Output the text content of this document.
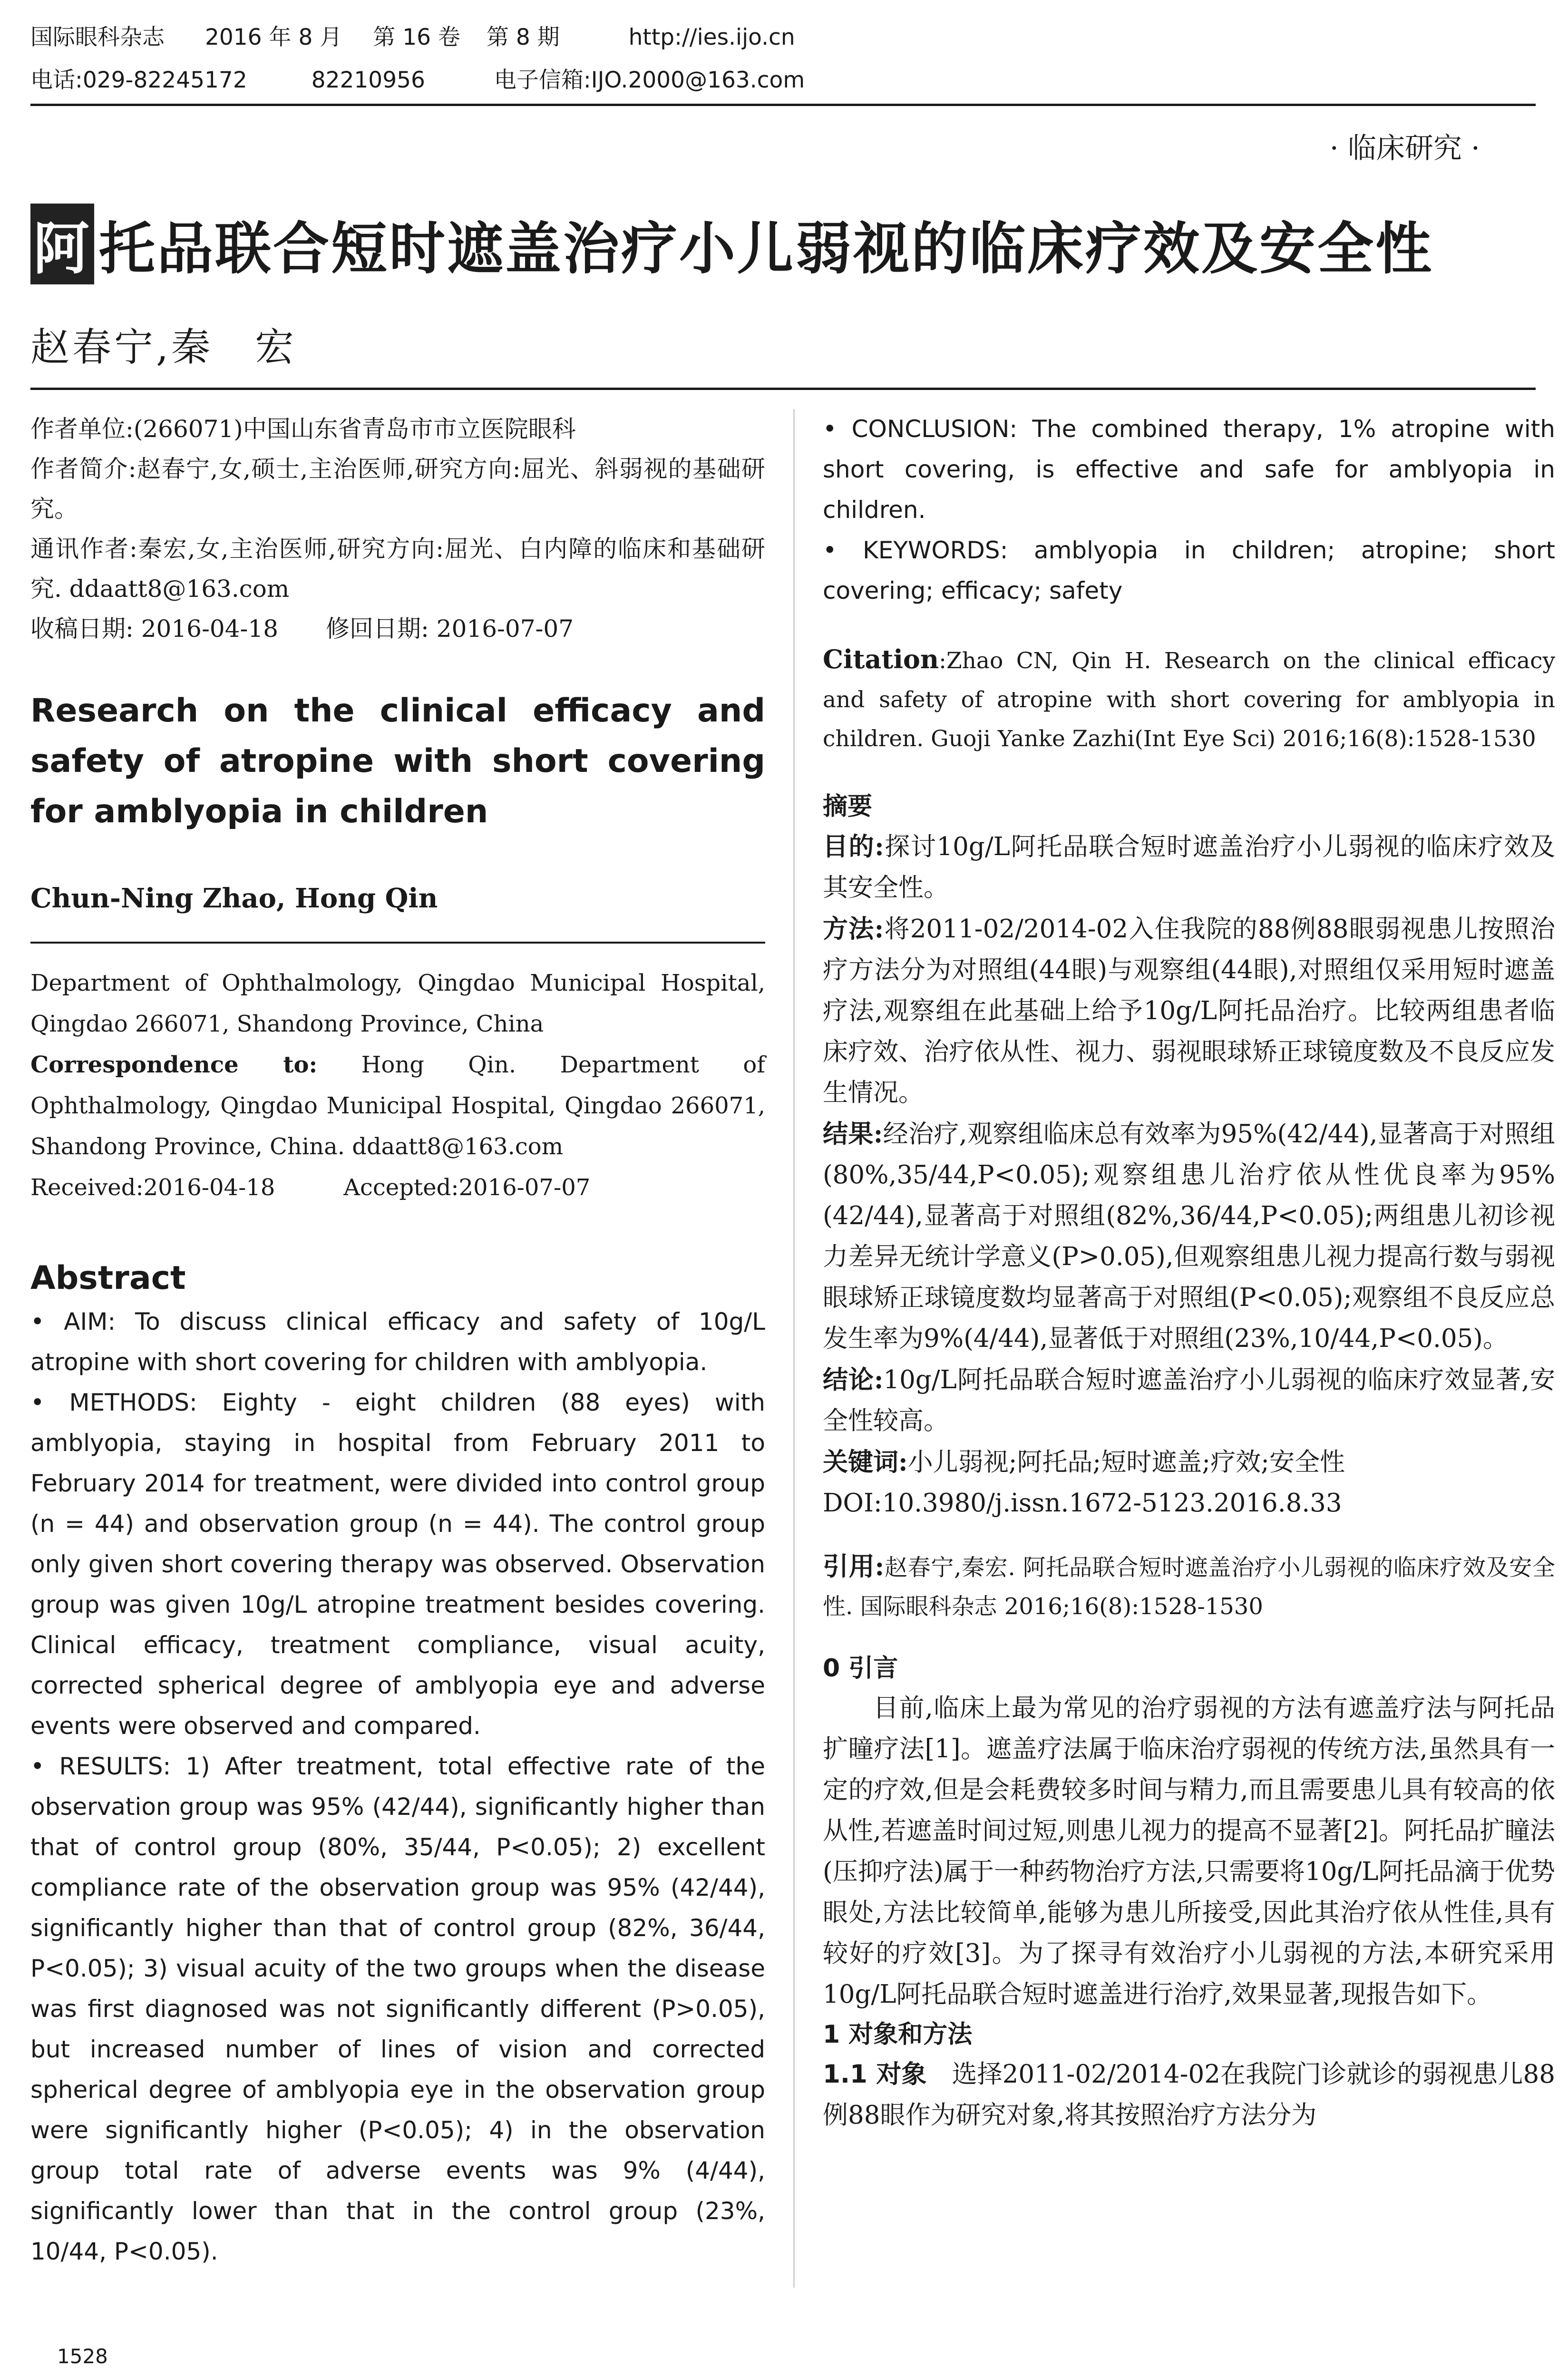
国际眼科杂志 2016 年 8 月 第 16 卷 第 8 期	http://ies.ijo.cn
电话:029-82245172	82210956	电子信箱:IJO.2000@163.com
· 临床研究 ·
阿 托品联合短时遮盖治疗小儿弱视的临床疗效及安全性
赵春宁,秦　宏

作者单位:(266071)中国山东省青岛市市立医院眼科

作者简介:赵春宁,女,硕士,主治医师,研究方向:屈光、斜弱视的基础研究。

通讯作者:秦宏,女,主治医师,研究方向:屈光、白内障的临床和基础研究. ddaatt8@163.com

收稿日期: 2016-04-18　　修回日期: 2016-07-07

Research on the clinical efficacy and safety of atropine with short covering for amblyopia in children

Chun-Ning Zhao, Hong Qin

Department of Ophthalmology, Qingdao Municipal Hospital, Qingdao 266071, Shandong Province, China

Correspondence to: Hong Qin. Department of Ophthalmology, Qingdao Municipal Hospital, Qingdao 266071, Shandong Province, China. ddaatt8@163.com

Received:2016-04-18　　　Accepted:2016-07-07

Abstract

• AIM: To discuss clinical efficacy and safety of 10g/L atropine with short covering for children with amblyopia.

• METHODS: Eighty - eight children (88 eyes) with amblyopia, staying in hospital from February 2011 to February 2014 for treatment, were divided into control group (n = 44) and observation group (n = 44). The control group only given short covering therapy was observed. Observation group was given 10g/L atropine treatment besides covering. Clinical efficacy, treatment compliance, visual acuity, corrected spherical degree of amblyopia eye and adverse events were observed and compared.

• RESULTS: 1) After treatment, total effective rate of the observation group was 95% (42/44), significantly higher than that of control group (80%, 35/44, P<0.05); 2) excellent compliance rate of the observation group was 95% (42/44), significantly higher than that of control group (82%, 36/44, P<0.05); 3) visual acuity of the two groups when the disease was first diagnosed was not significantly different (P>0.05), but increased number of lines of vision and corrected spherical degree of amblyopia eye in the observation group were significantly higher (P<0.05); 4) in the observation group total rate of adverse events was 9% (4/44), significantly lower than that in the control group (23%, 10/44, P<0.05).

• CONCLUSION: The combined therapy, 1% atropine with short covering, is effective and safe for amblyopia in children.

• KEYWORDS: amblyopia in children; atropine; short covering; efficacy; safety

Citation:Zhao CN, Qin H. Research on the clinical efficacy and safety of atropine with short covering for amblyopia in children. Guoji Yanke Zazhi(Int Eye Sci) 2016;16(8):1528-1530

摘要

目的:探讨10g/L阿托品联合短时遮盖治疗小儿弱视的临床疗效及其安全性。

方法:将2011-02/2014-02入住我院的88例88眼弱视患儿按照治疗方法分为对照组(44眼)与观察组(44眼),对照组仅采用短时遮盖疗法,观察组在此基础上给予10g/L阿托品治疗。比较两组患者临床疗效、治疗依从性、视力、弱视眼球矫正球镜度数及不良反应发生情况。

结果:经治疗,观察组临床总有效率为95%(42/44),显著高于对照组(80%,35/44,P<0.05);观察组患儿治疗依从性优良率为95%(42/44),显著高于对照组(82%,36/44,P<0.05);两组患儿初诊视力差异无统计学意义(P>0.05),但观察组患儿视力提高行数与弱视眼球矫正球镜度数均显著高于对照组(P<0.05);观察组不良反应总发生率为9%(4/44),显著低于对照组(23%,10/44,P<0.05)。

结论:10g/L阿托品联合短时遮盖治疗小儿弱视的临床疗效显著,安全性较高。

关键词:小儿弱视;阿托品;短时遮盖;疗效;安全性

DOI:10.3980/j.issn.1672-5123.2016.8.33

引用:赵春宁,秦宏. 阿托品联合短时遮盖治疗小儿弱视的临床疗效及安全性. 国际眼科杂志 2016;16(8):1528-1530

0 引言

目前,临床上最为常见的治疗弱视的方法有遮盖疗法与阿托品扩瞳疗法[1]。遮盖疗法属于临床治疗弱视的传统方法,虽然具有一定的疗效,但是会耗费较多时间与精力,而且需要患儿具有较高的依从性,若遮盖时间过短,则患儿视力的提高不显著[2]。阿托品扩瞳法(压抑疗法)属于一种药物治疗方法,只需要将10g/L阿托品滴于优势眼处,方法比较简单,能够为患儿所接受,因此其治疗依从性佳,具有较好的疗效[3]。为了探寻有效治疗小儿弱视的方法,本研究采用10g/L阿托品联合短时遮盖进行治疗,效果显著,现报告如下。

1 对象和方法

1.1 对象　 选择2011-02/2014-02在我院门诊就诊的弱视患儿88例88眼作为研究对象,将其按照治疗方法分为

1528
